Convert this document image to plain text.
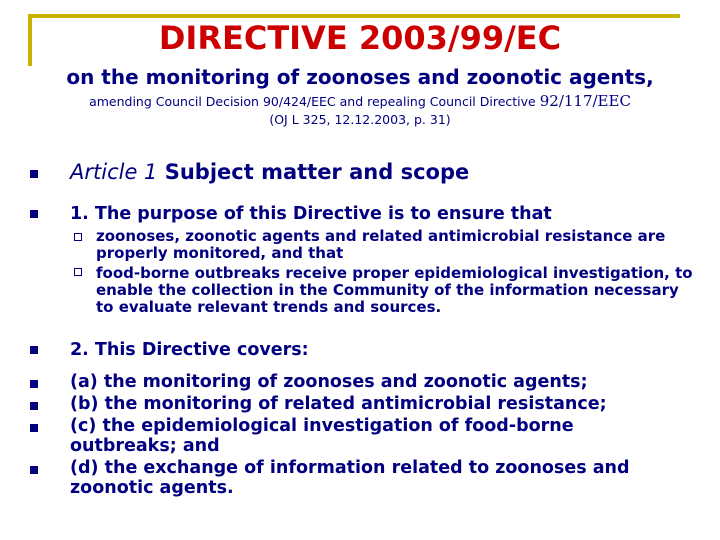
DIRECTIVE 2003/99/EC
on the monitoring of zoonoses and zoonotic agents,
amending Council Decision 90/424/EEC and repealing Council Directive 92/117/EEC
(OJ L 325, 12.12.2003, p. 31)
Article 1 Subject matter and scope
1. The purpose of this Directive is to ensure that
zoonoses, zoonotic agents and related antimicrobial resistance are properly monitored, and that
food-borne outbreaks receive proper epidemiological investigation, to enable the collection in the Community of the information necessary to evaluate relevant trends and sources.
2. This Directive covers:
(a) the monitoring of zoonoses and zoonotic agents;
(b) the monitoring of related antimicrobial resistance;
(c) the epidemiological investigation of food-borne outbreaks; and
(d) the exchange of information related to zoonoses and zoonotic agents.
